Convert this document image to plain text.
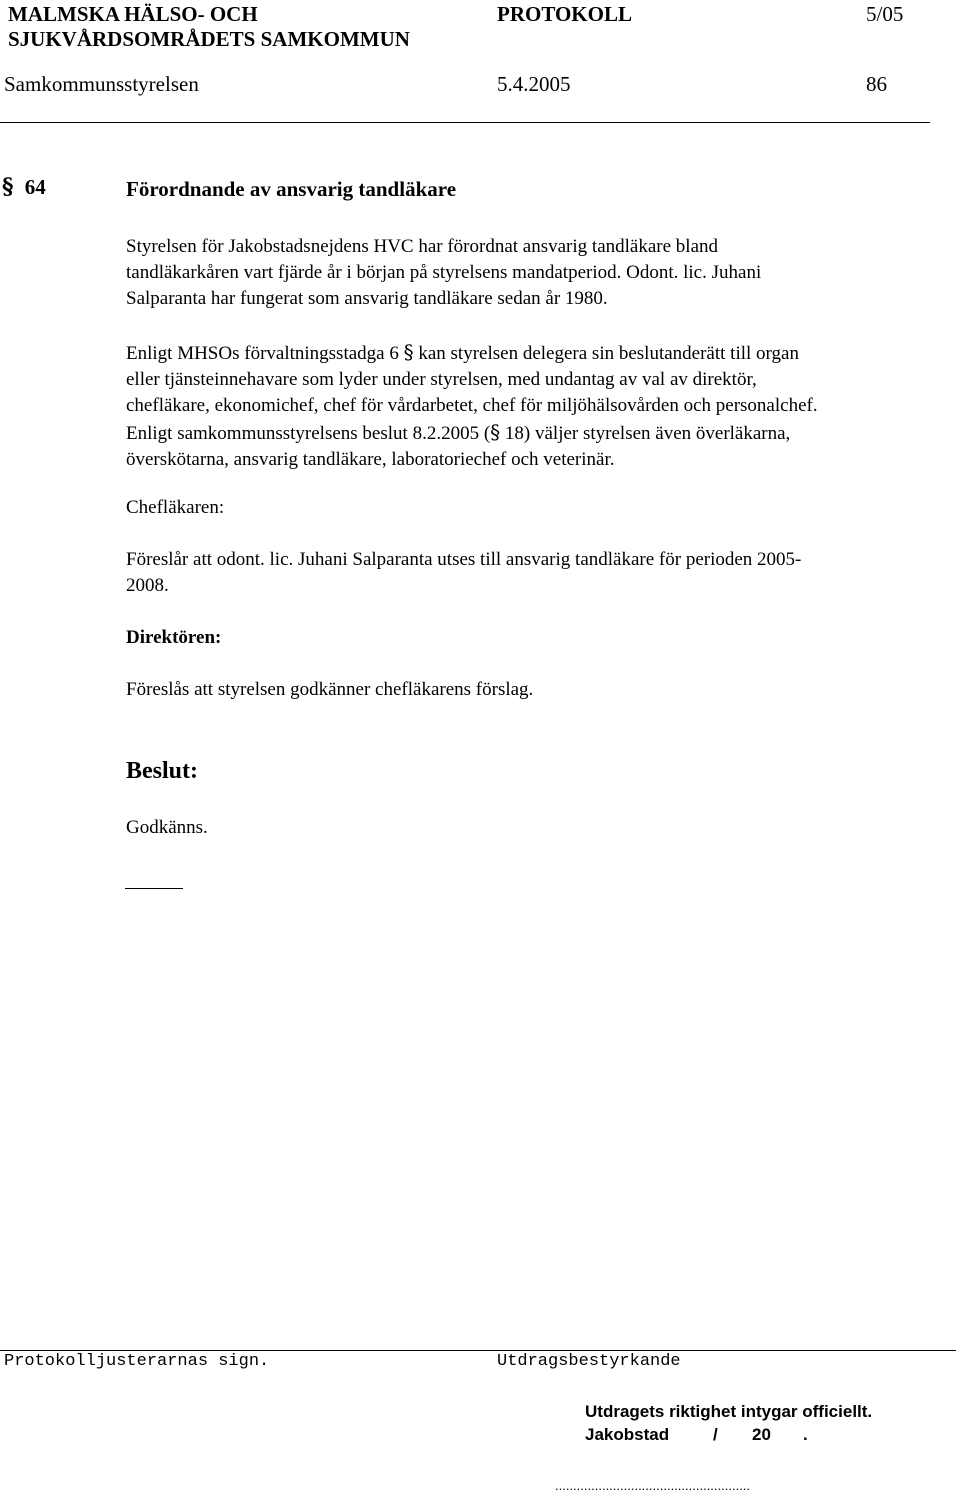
MALMSKA HÄLSO- OCH
SJUKVÅRDSOMRÅDETS SAMKOMMUN
PROTOKOLL	5/05
Samkommunsstyrelsen	5.4.2005	86
§ 64	Förordnande av ansvarig tandläkare
Styrelsen för Jakobstadsnejdens HVC har förordnat ansvarig tandläkare bland
tandläkarkåren vart fjärde år i början på styrelsens mandatperiod. Odont. lic. Juhani
Salparanta har fungerat som ansvarig tandläkare sedan år 1980.
Enligt MHSOs förvaltningsstadga 6 § kan styrelsen delegera sin beslutanderätt till organ
eller tjänsteinnehavare som lyder under styrelsen, med undantag av val av direktör,
chefläkare, ekonomichef, chef för vårdarbetet, chef för miljöhälsovården och personalchef.
Enligt samkommunsstyrelsens beslut 8.2.2005 (§ 18) väljer styrelsen även överläkarna,
överskötarna, ansvarig tandläkare, laboratoriechef och veterinär.
Chefläkaren:
Föreslår att odont. lic. Juhani Salparanta utses till ansvarig tandläkare för perioden 2005-
2008.
Direktören:
Föreslås att styrelsen godkänner chefläkarens förslag.
Beslut:
Godkänns.
Protokolljusterarnas sign.	Utdragsbestyrkande
Utdragets riktighet intygar officiellt.
Jakobstad	/ 20 .
......................................................
